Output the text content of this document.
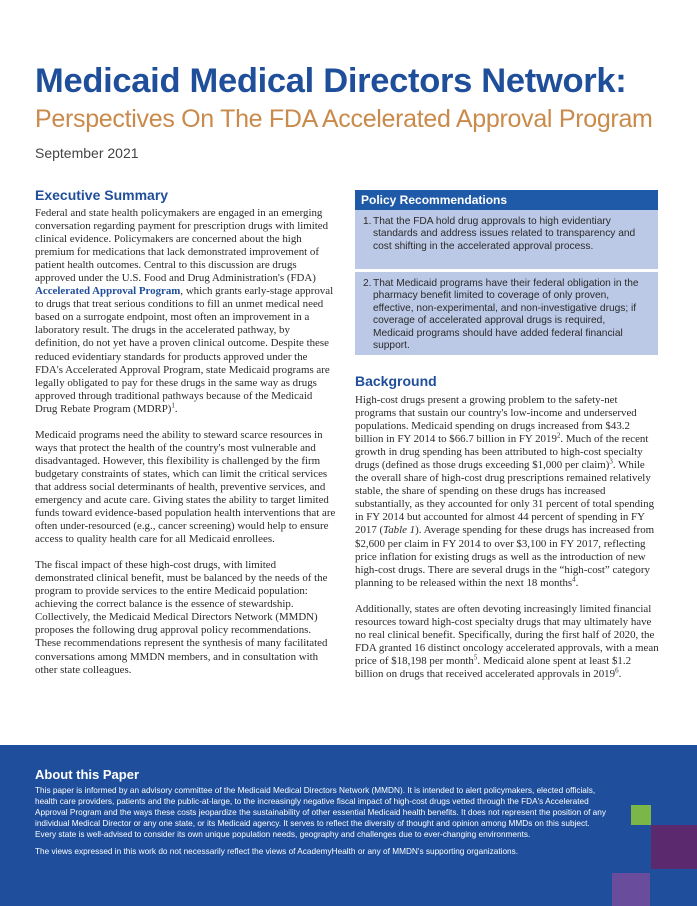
Medicaid Medical Directors Network:
Perspectives On The FDA Accelerated Approval Program
September 2021
Executive Summary

Federal and state health policymakers are engaged in an emerging conversation regarding payment for prescription drugs with limited clinical evidence. Policymakers are concerned about the high premium for medications that lack demonstrated improvement of patient health outcomes. Central to this discussion are drugs approved under the U.S. Food and Drug Administration's (FDA) Accelerated Approval Program, which grants early-stage approval to drugs that treat serious conditions to fill an unmet medical need based on a surrogate endpoint, most often an improvement in a laboratory result. The drugs in the accelerated pathway, by definition, do not yet have a proven clinical outcome. Despite these reduced evidentiary standards for products approved under the FDA's Accelerated Approval Program, state Medicaid programs are legally obligated to pay for these drugs in the same way as drugs approved through traditional pathways because of the Medicaid Drug Rebate Program (MDRP)$^1$.

Medicaid programs need the ability to steward scarce resources in ways that protect the health of the country's most vulnerable and disadvantaged. However, this flexibility is challenged by the firm budgetary constraints of states, which can limit the critical services that address social determinants of health, preventive services, and emergency and acute care. Giving states the ability to target limited funds toward evidence-based population health interventions that are often under-resourced (e.g., cancer screening) would help to ensure access to quality health care for all Medicaid enrollees.

The fiscal impact of these high-cost drugs, with limited demonstrated clinical benefit, must be balanced by the needs of the program to provide services to the entire Medicaid population: achieving the correct balance is the essence of stewardship. Collectively, the Medicaid Medical Directors Network (MMDN) proposes the following drug approval policy recommendations. These recommendations represent the synthesis of many facilitated conversations among MMDN members, and in consultation with other state colleagues.

Policy Recommendations
1. That the FDA hold drug approvals to high evidentiary standards and address issues related to transparency and cost shifting in the accelerated approval process.
2. That Medicaid programs have their federal obligation in the pharmacy benefit limited to coverage of only proven, effective, non-experimental, and non-investigative drugs; if coverage of accelerated approval drugs is required, Medicaid programs should have added federal financial support.
Background

High-cost drugs present a growing problem to the safety-net programs that sustain our country's low-income and underserved populations. Medicaid spending on drugs increased from $43.2 billion in FY 2014 to $66.7 billion in FY 2019$^2$. Much of the recent growth in drug spending has been attributed to high-cost specialty drugs (defined as those drugs exceeding $1,000 per claim)$^3$. While the overall share of high-cost drug prescriptions remained relatively stable, the share of spending on these drugs has increased substantially, as they accounted for only 31 percent of total spending in FY 2014 but accounted for almost 44 percent of spending in FY 2017 (Table 1). Average spending for these drugs has increased from $2,600 per claim in FY 2014 to over $3,100 in FY 2017, reflecting price inflation for existing drugs as well as the introduction of new high-cost drugs. There are several drugs in the “high-cost” category planning to be released within the next 18 months$^4$.

Additionally, states are often devoting increasingly limited financial resources toward high-cost specialty drugs that may ultimately have no real clinical benefit. Specifically, during the first half of 2020, the FDA granted 16 distinct oncology accelerated approvals, with a mean price of $18,198 per month$^5$. Medicaid alone spent at least $1.2 billion on drugs that received accelerated approvals in 2019$^6$.

About this Paper

This paper is informed by an advisory committee of the Medicaid Medical Directors Network (MMDN). It is intended to alert policymakers, elected officials, health care providers, patients and the public-at-large, to the increasingly negative fiscal impact of high-cost drugs vetted through the FDA's Accelerated Approval Program and the ways these costs jeopardize the sustainability of other essential Medicaid health benefits. It does not represent the position of any individual Medical Director or any one state, or its Medicaid agency. It serves to reflect the diversity of thought and opinion among MMDs on this subject. Every state is well-advised to consider its own unique population needs, geography and challenges due to ever-changing environments.

The views expressed in this work do not necessarily reflect the views of AcademyHealth or any of MMDN's supporting organizations.
